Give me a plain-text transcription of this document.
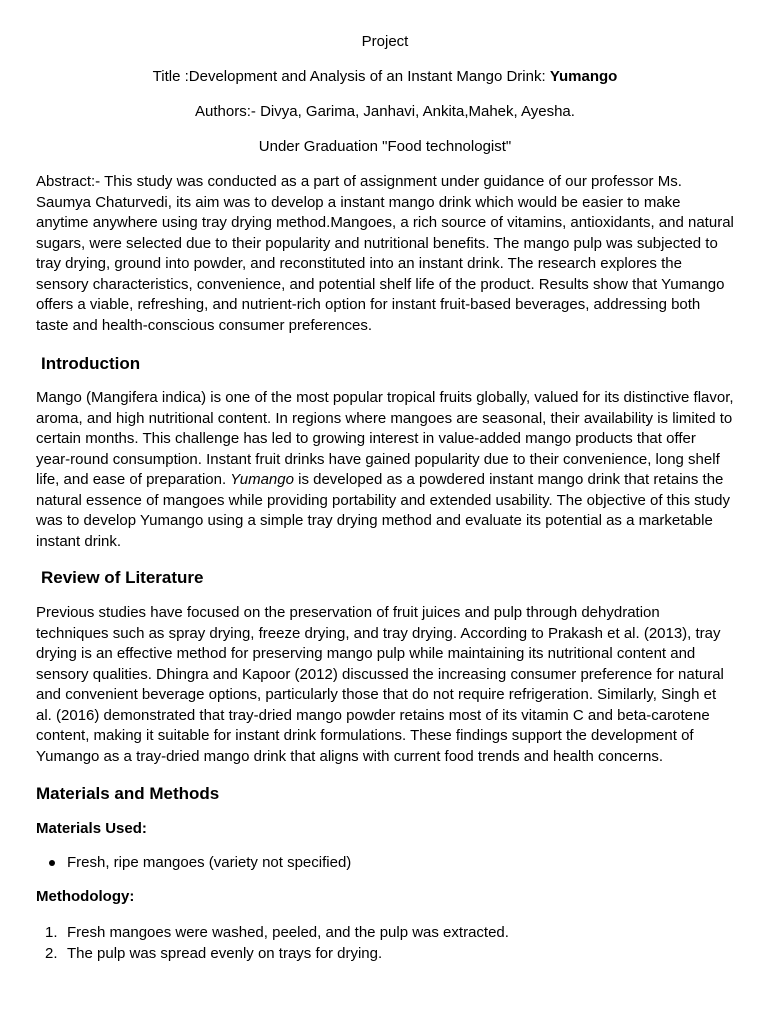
Project
Title :Development and Analysis of an Instant Mango Drink: Yumango
Authors:- Divya, Garima, Janhavi, Ankita,Mahek, Ayesha.
Under Graduation "Food technologist"

Abstract:- This study was conducted as a part of assignment under guidance of our professor Ms. Saumya Chaturvedi, its aim was to develop a instant mango drink which would be easier to make anytime anywhere using tray drying method.Mangoes, a rich source of vitamins, antioxidants, and natural sugars, were selected due to their popularity and nutritional benefits. The mango pulp was subjected to tray drying, ground into powder, and reconstituted into an instant drink. The research explores the sensory characteristics, convenience, and potential shelf life of the product. Results show that Yumango offers a viable, refreshing, and nutrient-rich option for instant fruit-based beverages, addressing both taste and health-conscious consumer preferences.

Introduction

Mango (Mangifera indica) is one of the most popular tropical fruits globally, valued for its distinctive flavor, aroma, and high nutritional content. In regions where mangoes are seasonal, their availability is limited to certain months. This challenge has led to growing interest in value-added mango products that offer year-round consumption. Instant fruit drinks have gained popularity due to their convenience, long shelf life, and ease of preparation. Yumango is developed as a powdered instant mango drink that retains the natural essence of mangoes while providing portability and extended usability. The objective of this study was to develop Yumango using a simple tray drying method and evaluate its potential as a marketable instant drink.

Review of Literature

Previous studies have focused on the preservation of fruit juices and pulp through dehydration techniques such as spray drying, freeze drying, and tray drying. According to Prakash et al. (2013), tray drying is an effective method for preserving mango pulp while maintaining its nutritional content and sensory qualities. Dhingra and Kapoor (2012) discussed the increasing consumer preference for natural and convenient beverage options, particularly those that do not require refrigeration. Similarly, Singh et al. (2016) demonstrated that tray-dried mango powder retains most of its vitamin C and beta-carotene content, making it suitable for instant drink formulations. These findings support the development of Yumango as a tray-dried mango drink that aligns with current food trends and health concerns.

Materials and Methods
Materials Used:
Fresh, ripe mangoes (variety not specified)
Methodology:
1. Fresh mangoes were washed, peeled, and the pulp was extracted.
2. The pulp was spread evenly on trays for drying.
